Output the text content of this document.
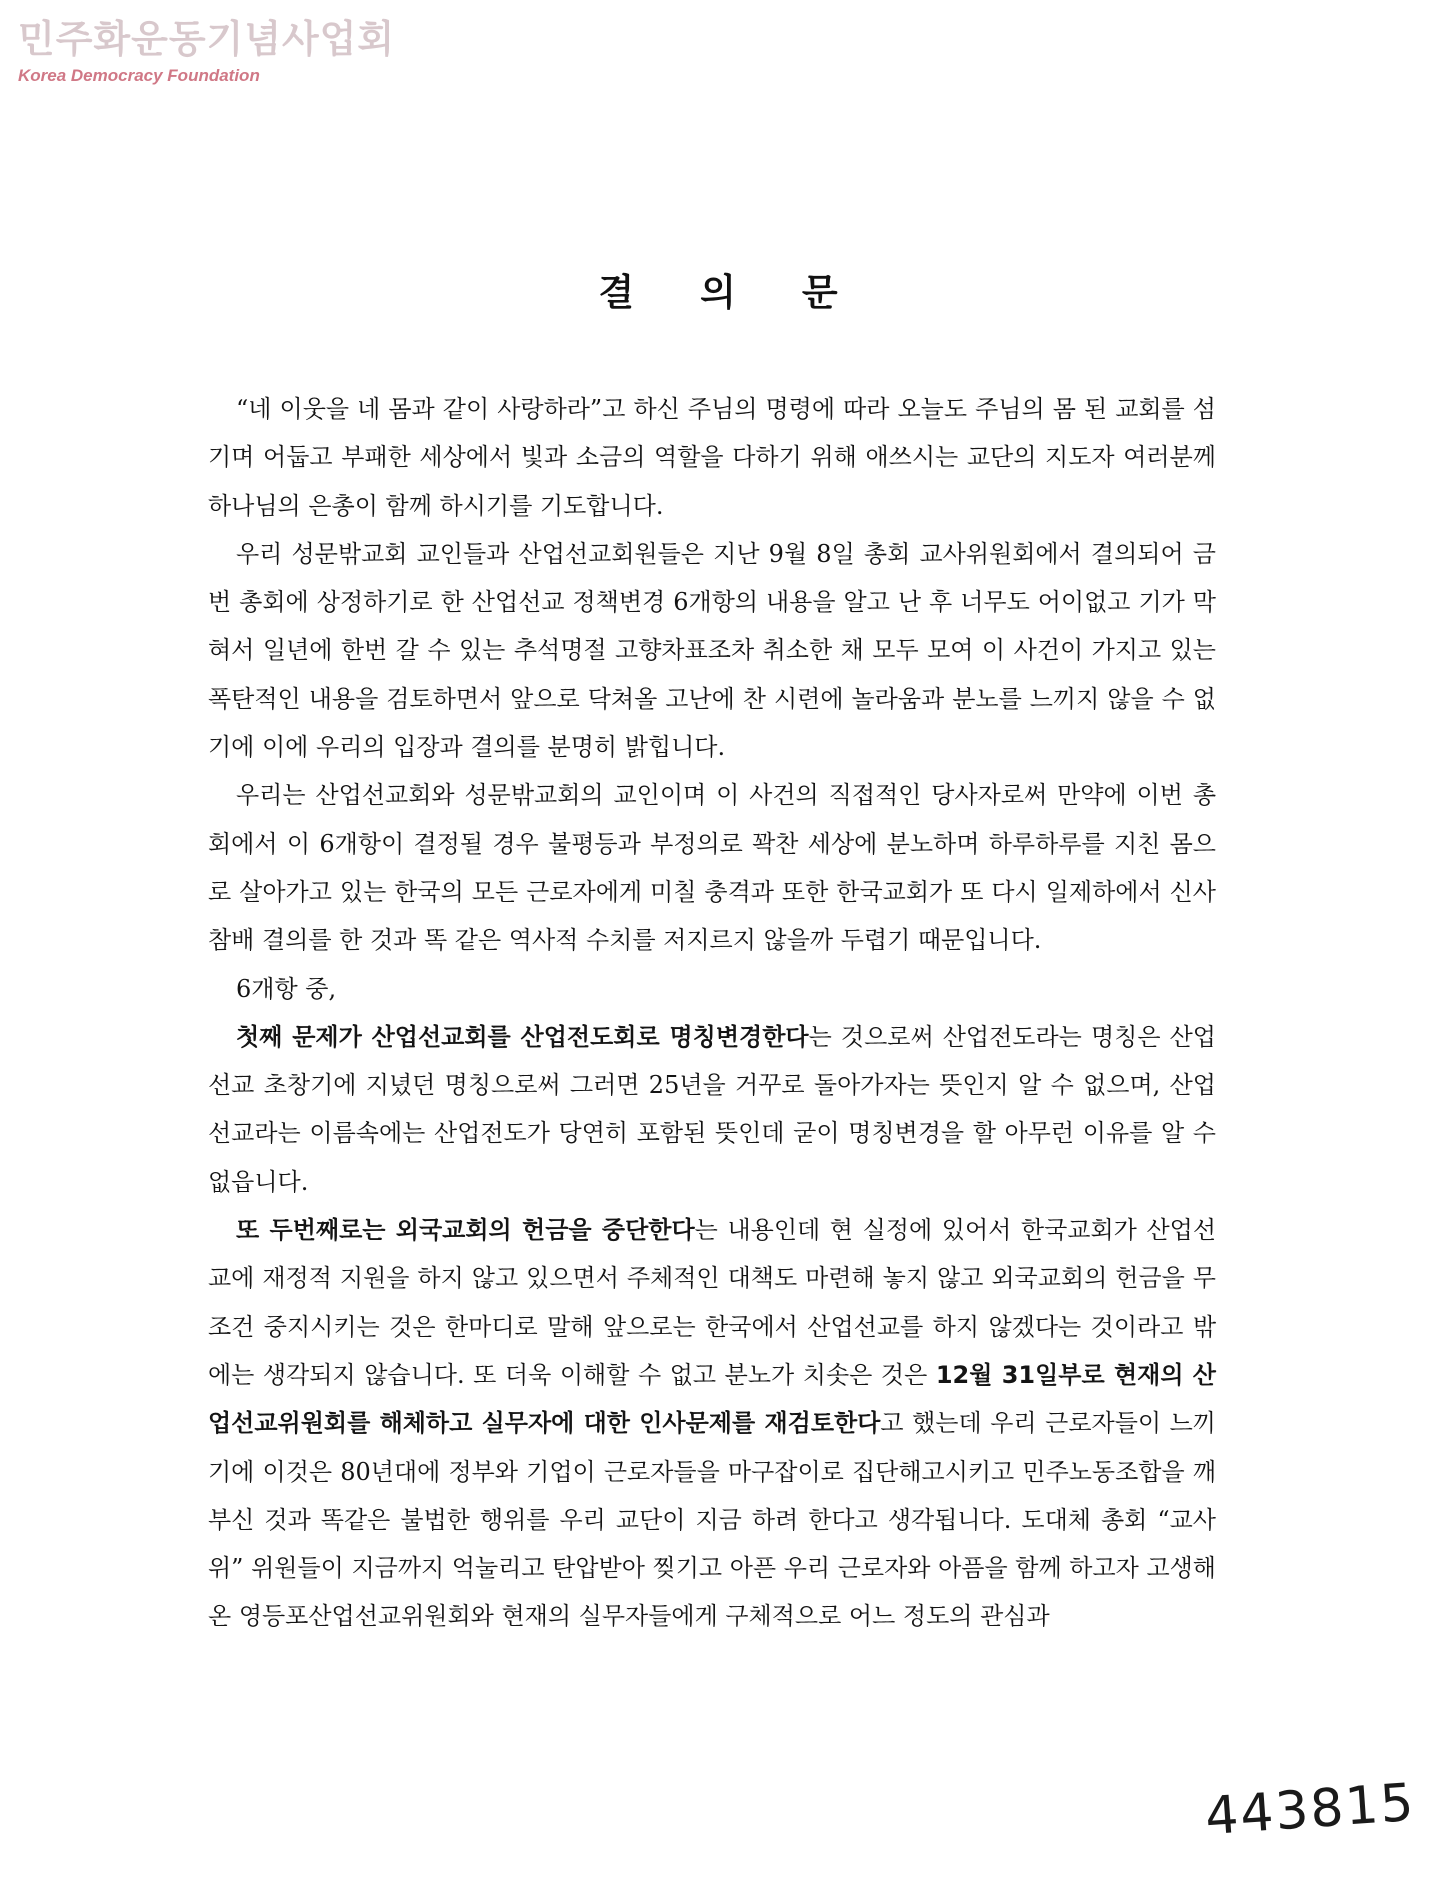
민주화운동기념사업회
Korea Democracy Foundation
결의문

“네 이웃을 네 몸과 같이 사랑하라”고 하신 주님의 명령에 따라 오늘도 주님의 몸 된 교회를 섬기며 어둡고 부패한 세상에서 빛과 소금의 역할을 다하기 위해 애쓰시는 교단의 지도자 여러분께 하나님의 은총이 함께 하시기를 기도합니다.

우리 성문밖교회 교인들과 산업선교회원들은 지난 9월 8일 총회 교사위원회에서 결의되어 금번 총회에 상정하기로 한 산업선교 정책변경 6개항의 내용을 알고 난 후 너무도 어이없고 기가 막혀서 일년에 한번 갈 수 있는 추석명절 고향차표조차 취소한 채 모두 모여 이 사건이 가지고 있는 폭탄적인 내용을 검토하면서 앞으로 닥쳐올 고난에 찬 시련에 놀라움과 분노를 느끼지 않을 수 없기에 이에 우리의 입장과 결의를 분명히 밝힙니다.

우리는 산업선교회와 성문밖교회의 교인이며 이 사건의 직접적인 당사자로써 만약에 이번 총회에서 이 6개항이 결정될 경우 불평등과 부정의로 꽉찬 세상에 분노하며 하루하루를 지친 몸으로 살아가고 있는 한국의 모든 근로자에게 미칠 충격과 또한 한국교회가 또 다시 일제하에서 신사참배 결의를 한 것과 똑 같은 역사적 수치를 저지르지 않을까 두렵기 때문입니다.

6개항 중,

첫째 문제가 산업선교회를 산업전도회로 명칭변경한다는 것으로써 산업전도라는 명칭은 산업선교 초창기에 지녔던 명칭으로써 그러면 25년을 거꾸로 돌아가자는 뜻인지 알 수 없으며, 산업선교라는 이름속에는 산업전도가 당연히 포함된 뜻인데 굳이 명칭변경을 할 아무런 이유를 알 수 없읍니다.

또 두번째로는 외국교회의 헌금을 중단한다는 내용인데 현 실정에 있어서 한국교회가 산업선교에 재정적 지원을 하지 않고 있으면서 주체적인 대책도 마련해 놓지 않고 외국교회의 헌금을 무조건 중지시키는 것은 한마디로 말해 앞으로는 한국에서 산업선교를 하지 않겠다는 것이라고 밖에는 생각되지 않습니다. 또 더욱 이해할 수 없고 분노가 치솟은 것은 12월 31일부로 현재의 산업선교위원회를 해체하고 실무자에 대한 인사문제를 재검토한다고 했는데 우리 근로자들이 느끼기에 이것은 80년대에 정부와 기업이 근로자들을 마구잡이로 집단해고시키고 민주노동조합을 깨부신 것과 똑같은 불법한 행위를 우리 교단이 지금 하려 한다고 생각됩니다. 도대체 총회 “교사위” 위원들이 지금까지 억눌리고 탄압받아 찢기고 아픈 우리 근로자와 아픔을 함께 하고자 고생해 온 영등포산업선교위원회와 현재의 실무자들에게 구체적으로 어느 정도의 관심과

443815
